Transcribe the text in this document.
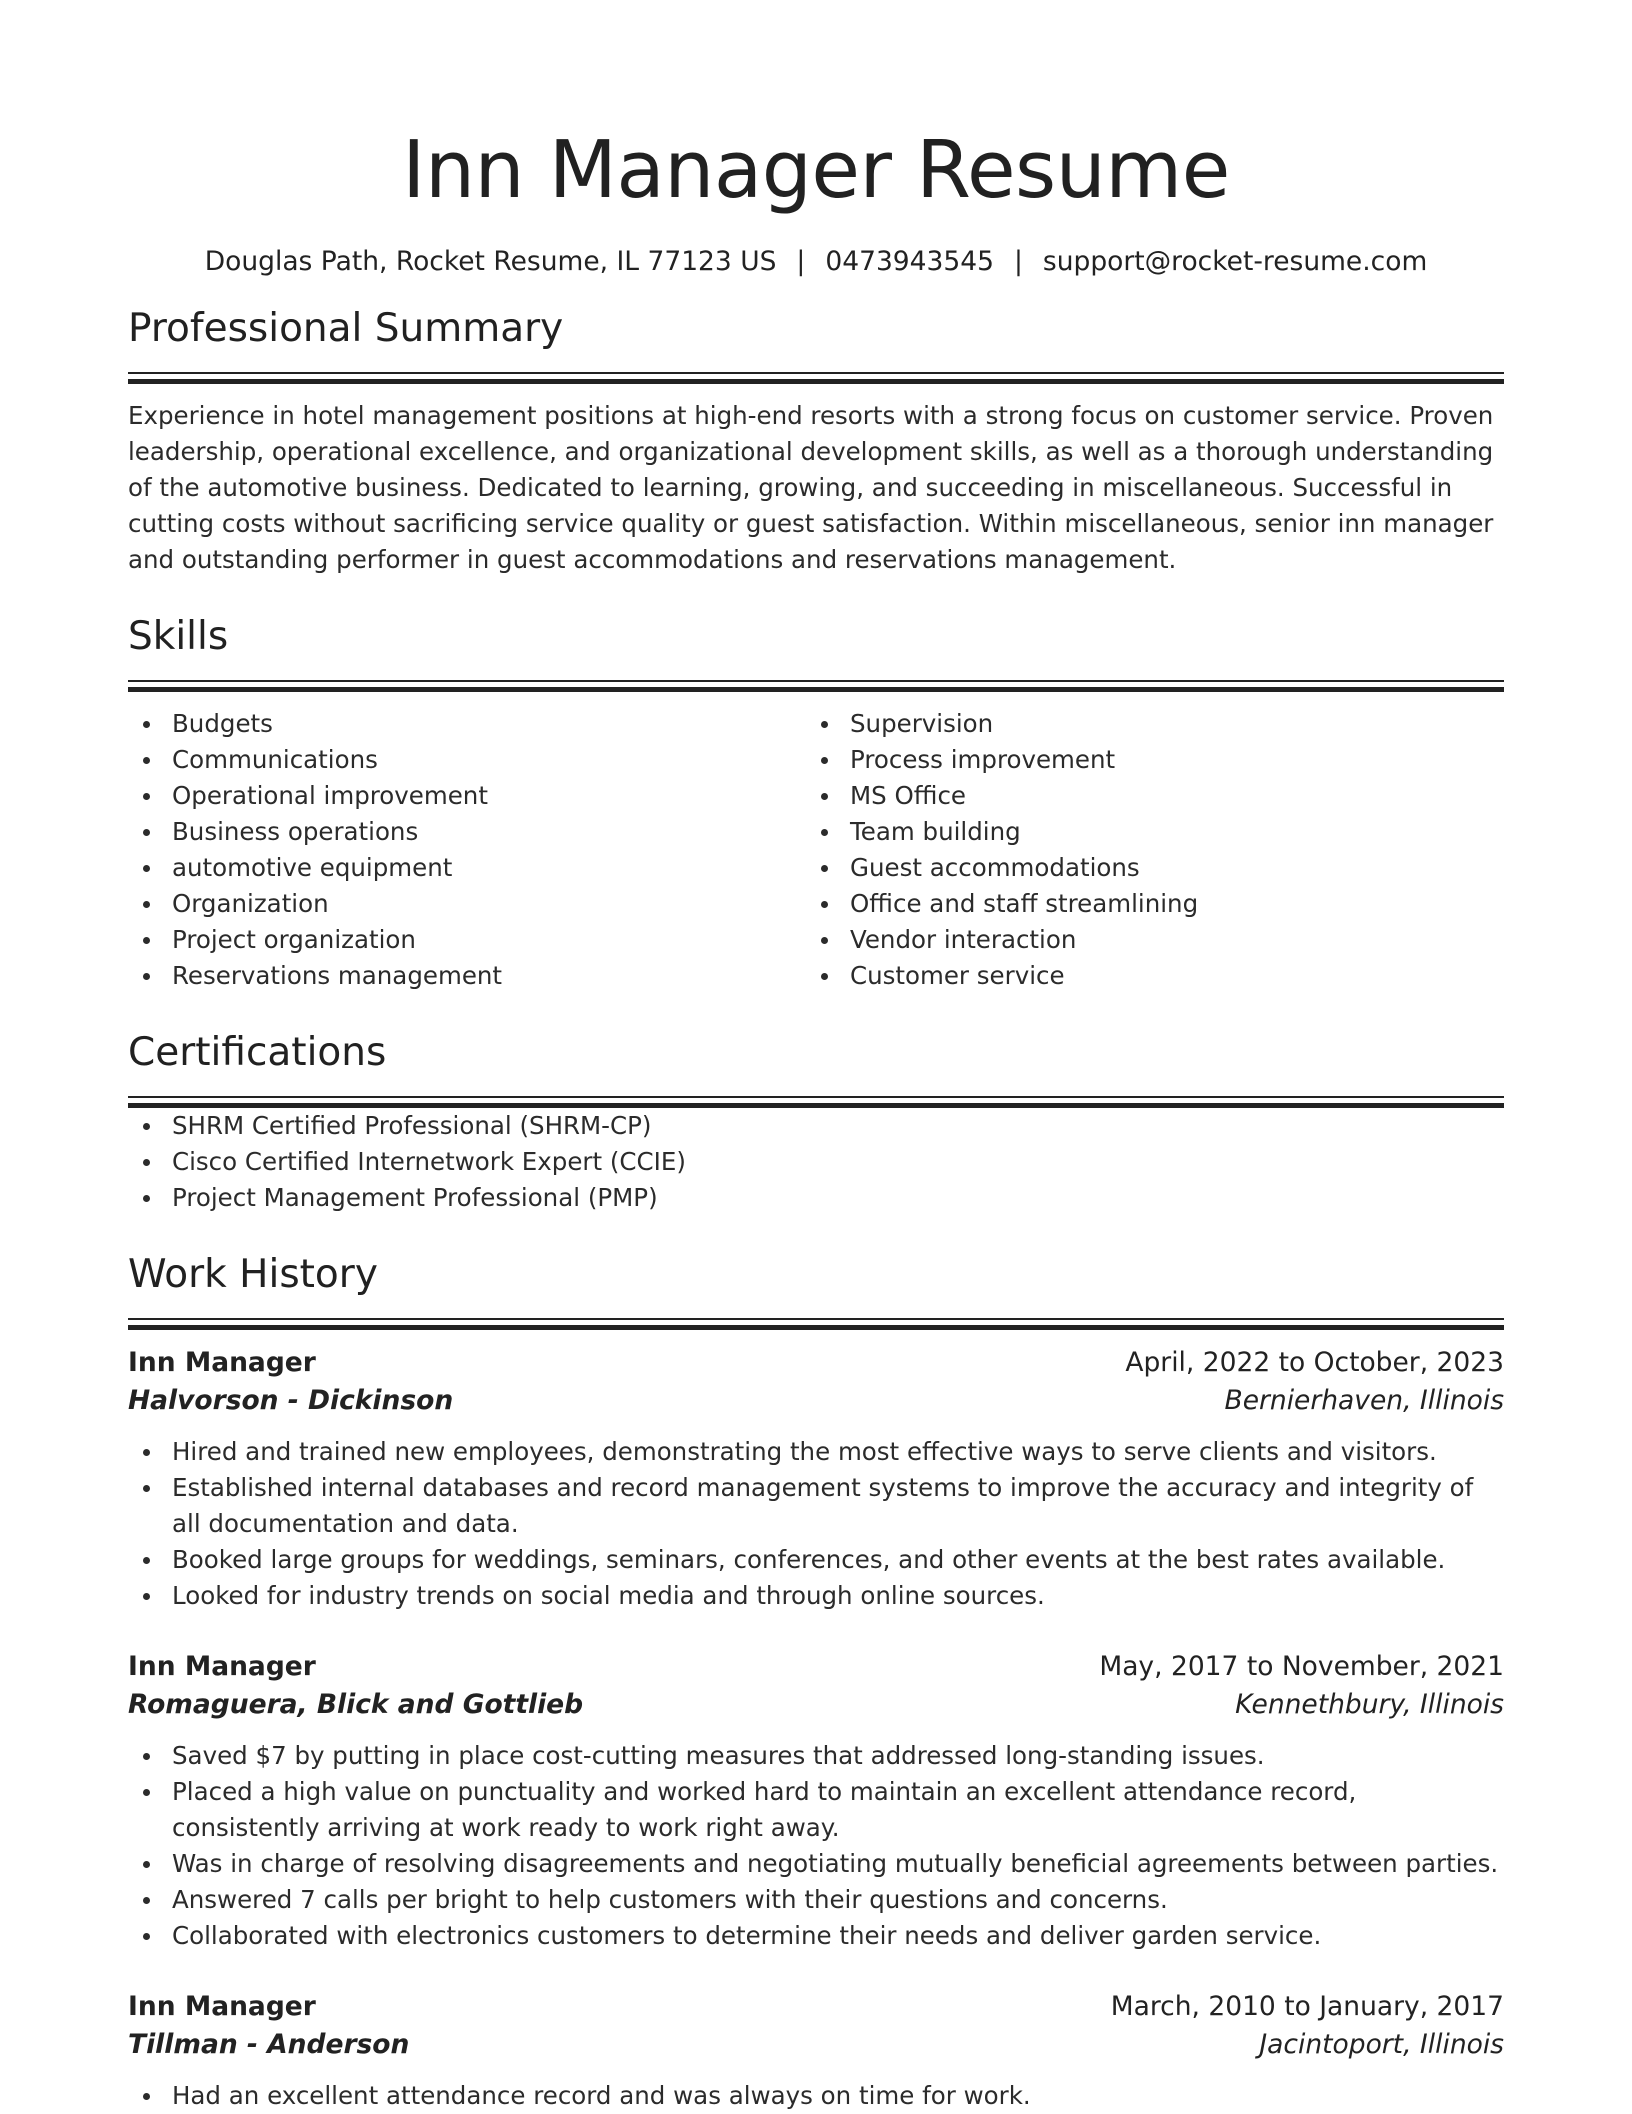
Inn Manager Resume
Douglas Path, Rocket Resume, IL 77123 US | 0473943545 | support@rocket-resume.com
Professional Summary

Experience in hotel management positions at high-end resorts with a strong focus on customer service. Proven leadership, operational excellence, and organizational development skills, as well as a thorough understanding of the automotive business. Dedicated to learning, growing, and succeeding in miscellaneous. Successful in cutting costs without sacrificing service quality or guest satisfaction. Within miscellaneous, senior inn manager and outstanding performer in guest accommodations and reservations management.

Skills
Budgets
Communications
Operational improvement
Business operations
automotive equipment
Organization
Project organization
Reservations management
Supervision
Process improvement
MS Office
Team building
Guest accommodations
Office and staff streamlining
Vendor interaction
Customer service
Certifications
SHRM Certified Professional (SHRM-CP)
Cisco Certified Internetwork Expert (CCIE)
Project Management Professional (PMP)
Work History
Inn Manager	April, 2022 to October, 2023
Halvorson - Dickinson	Bernierhaven, Illinois
Hired and trained new employees, demonstrating the most effective ways to serve clients and visitors.
Established internal databases and record management systems to improve the accuracy and integrity of all documentation and data.
Booked large groups for weddings, seminars, conferences, and other events at the best rates available.
Looked for industry trends on social media and through online sources.
Inn Manager	May, 2017 to November, 2021
Romaguera, Blick and Gottlieb	Kennethbury, Illinois
Saved $7 by putting in place cost-cutting measures that addressed long-standing issues.
Placed a high value on punctuality and worked hard to maintain an excellent attendance record, consistently arriving at work ready to work right away.
Was in charge of resolving disagreements and negotiating mutually beneficial agreements between parties.
Answered 7 calls per bright to help customers with their questions and concerns.
Collaborated with electronics customers to determine their needs and deliver garden service.
Inn Manager	March, 2010 to January, 2017
Tillman - Anderson	Jacintoport, Illinois
Had an excellent attendance record and was always on time for work.
